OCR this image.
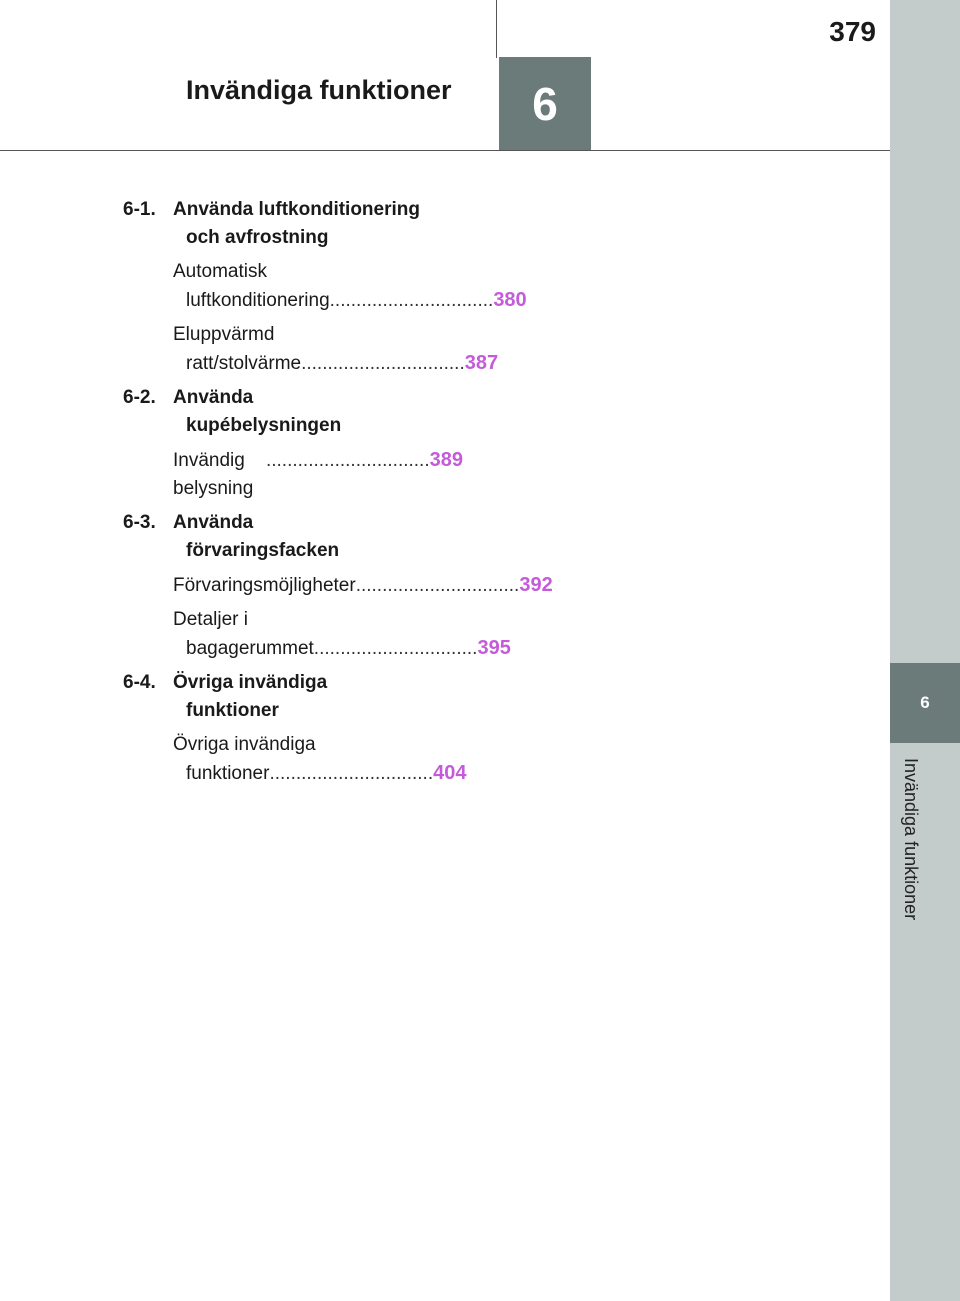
379
Invändiga funktioner	6
6
Invändiga funktioner
6-1. Använda luftkonditionering
och avfrostning
Automatisk
luftkonditionering ............................... 380
Eluppvärmd
ratt/stolvärme ............................... 387
6-2. Använda
kupébelysningen
Invändig belysning
............................... 389
6-3. Använda
förvaringsfacken
Förvaringsmöjligheter ............................... 392
Detaljer i
bagagerummet ............................... 395
6-4. Övriga invändiga
funktioner
Övriga invändiga
funktioner ............................... 404
